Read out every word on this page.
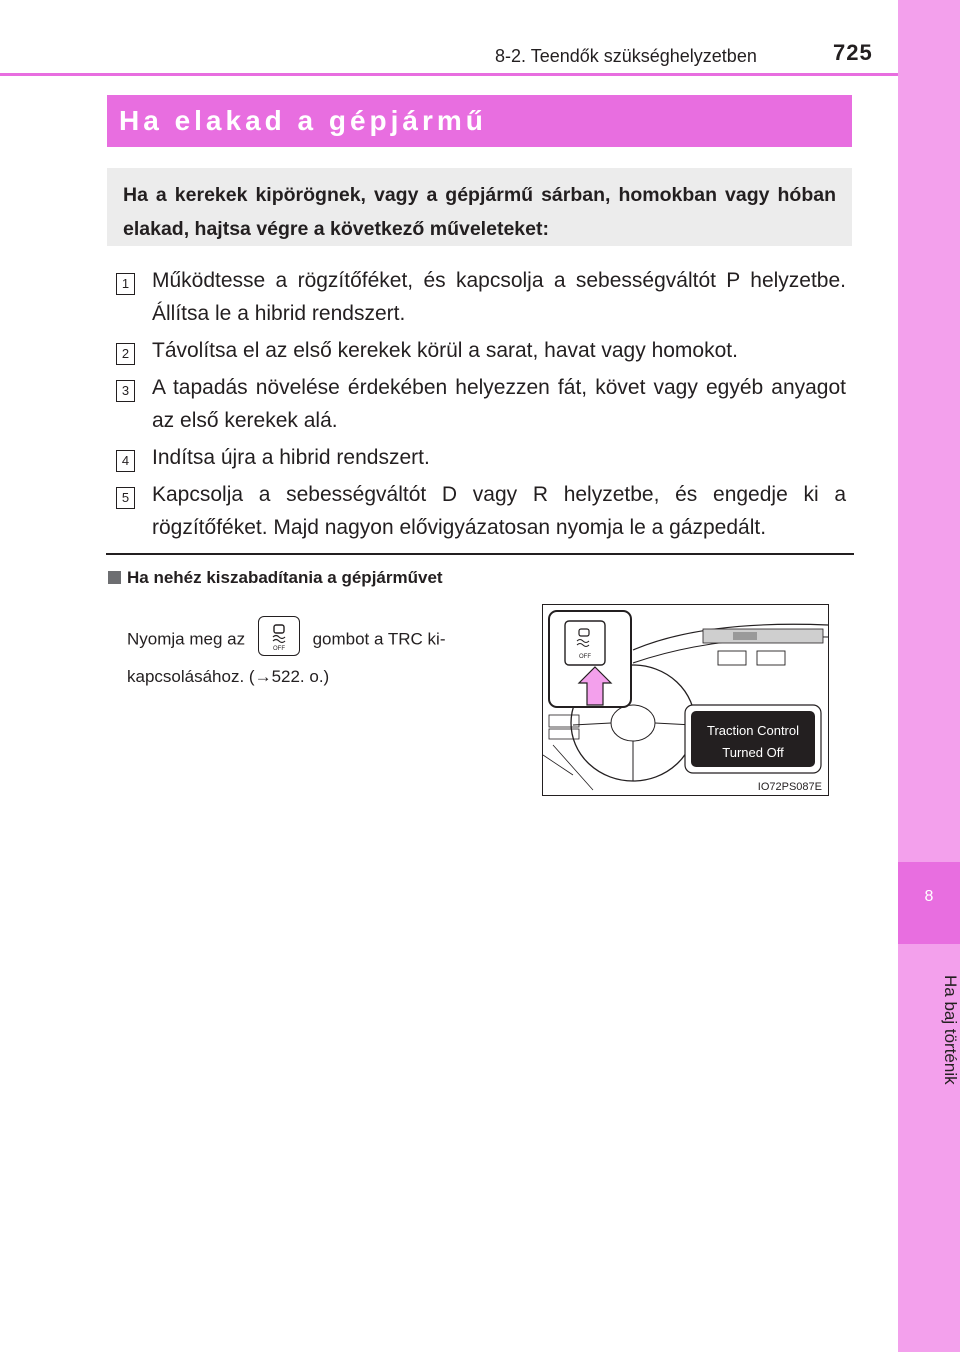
8-2. Teendők szükséghelyzetben	725
8
Ha baj történik
Ha elakad a gépjármű
Ha a kerekek kipörögnek, vagy a gépjármű sárban, homokban vagy hóban elakad, hajtsa végre a következő műveleteket:
1 Működtesse a rögzítőféket, és kapcsolja a sebességváltót P helyzetbe. Állítsa le a hibrid rendszert.
2 Távolítsa el az első kerekek körül a sarat, havat vagy homokot.
3 A tapadás növelése érdekében helyezzen fát, követ vagy egyéb anyagot az első kerekek alá.
4 Indítsa újra a hibrid rendszert.
5 Kapcsolja a sebességváltót D vagy R helyzetbe, és engedje ki a rögzítőféket. Majd nagyon elővigyázatosan nyomja le a gázpedált.
Ha nehéz kiszabadítania a gépjárművet
Nyomja meg az
OFF
gombot a TRC ki-kapcsolásához. (→522. o.)
OFF
Traction Control
Turned Off
IO72PS087E
